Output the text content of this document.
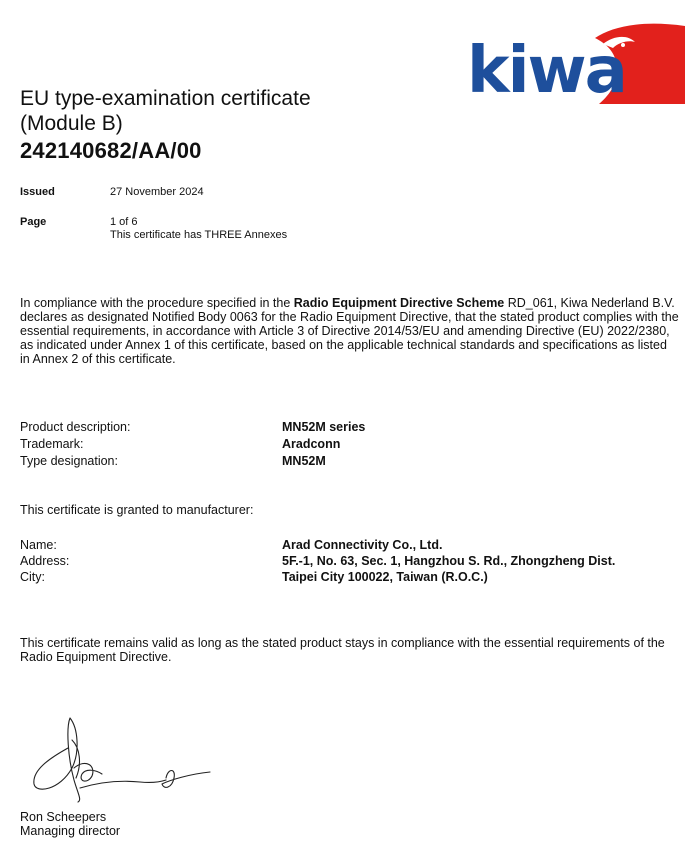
kiwa
EU type-examination certificate
(Module B)
242140682/AA/00
Issued	27 November 2024
Page	1 of 6
This certificate has THREE Annexes
In compliance with the procedure specified in the Radio Equipment Directive Scheme RD_061, Kiwa Nederland B.V. declares as designated Notified Body 0063 for the Radio Equipment Directive, that the stated product complies with the essential requirements, in accordance with Article 3 of Directive 2014/53/EU and amending Directive (EU) 2022/2380, as indicated under Annex 1 of this certificate, based on the applicable technical standards and specifications as listed in Annex 2 of this certificate.
Product description:	MN52M series
Trademark:	Aradconn
Type designation:	MN52M
This certificate is granted to manufacturer:
Name:	Arad Connectivity Co., Ltd.
Address:	5F.-1, No. 63, Sec. 1, Hangzhou S. Rd., Zhongzheng Dist.
City:	Taipei City 100022, Taiwan (R.O.C.)
This certificate remains valid as long as the stated product stays in compliance with the essential requirements of the Radio Equipment Directive.
Ron Scheepers
Managing director
